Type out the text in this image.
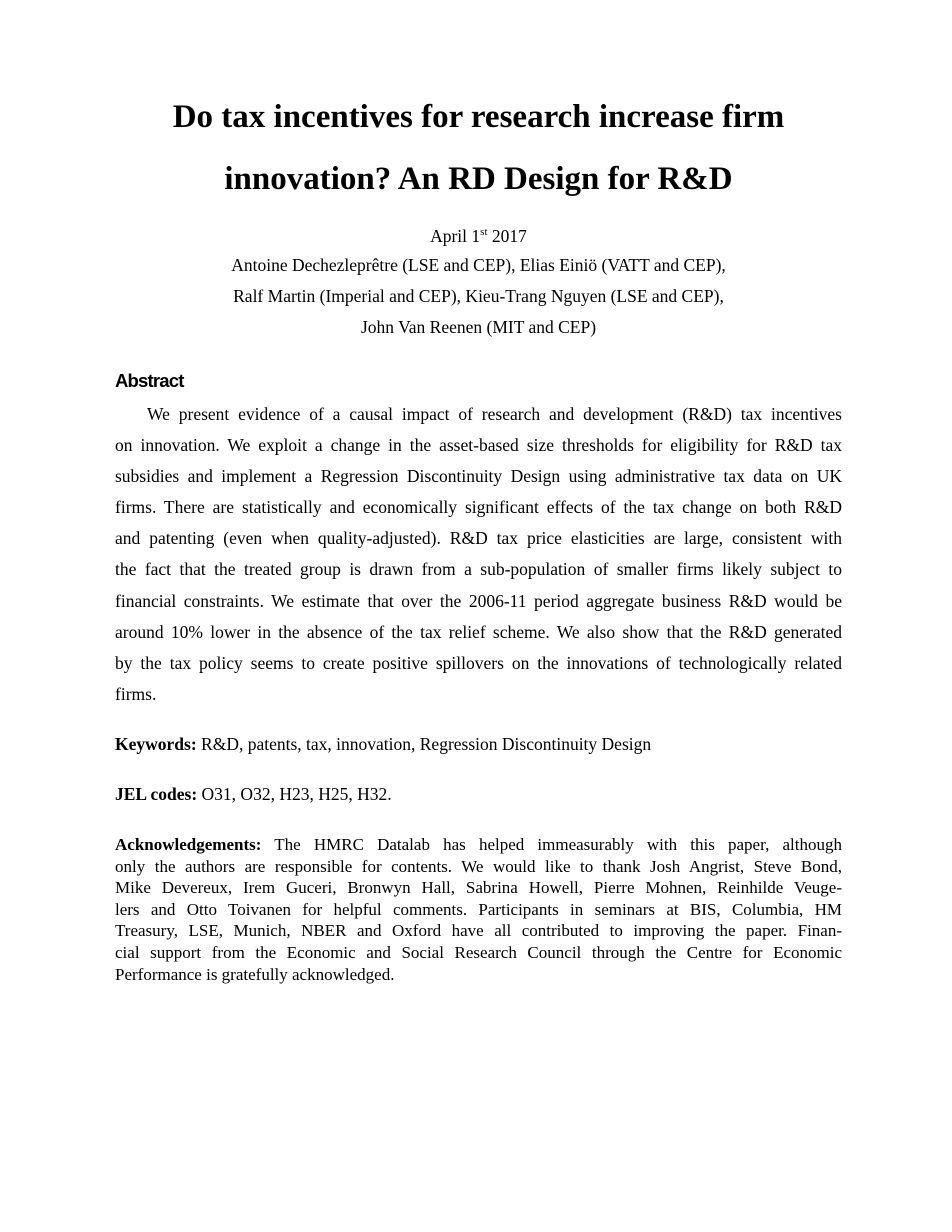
Do tax incentives for research increase firm
innovation? An RD Design for R&D
April 1st 2017
Antoine Dechezleprêtre (LSE and CEP), Elias Einiö (VATT and CEP),
Ralf Martin (Imperial and CEP), Kieu-Trang Nguyen (LSE and CEP),
John Van Reenen (MIT and CEP)
Abstract
We present evidence of a causal impact of research and development (R&D) tax incentives
on innovation. We exploit a change in the asset-based size thresholds for eligibility for R&D tax
subsidies and implement a Regression Discontinuity Design using administrative tax data on UK
firms. There are statistically and economically significant effects of the tax change on both R&D
and patenting (even when quality-adjusted). R&D tax price elasticities are large, consistent with
the fact that the treated group is drawn from a sub-population of smaller firms likely subject to
financial constraints. We estimate that over the 2006-11 period aggregate business R&D would be
around 10% lower in the absence of the tax relief scheme. We also show that the R&D generated
by the tax policy seems to create positive spillovers on the innovations of technologically related
firms.
Keywords: R&D, patents, tax, innovation, Regression Discontinuity Design
JEL codes: O31, O32, H23, H25, H32.
Acknowledgements: The HMRC Datalab has helped immeasurably with this paper, although
only the authors are responsible for contents. We would like to thank Josh Angrist, Steve Bond,
Mike Devereux, Irem Guceri, Bronwyn Hall, Sabrina Howell, Pierre Mohnen, Reinhilde Veuge-
lers and Otto Toivanen for helpful comments. Participants in seminars at BIS, Columbia, HM
Treasury, LSE, Munich, NBER and Oxford have all contributed to improving the paper. Finan-
cial support from the Economic and Social Research Council through the Centre for Economic
Performance is gratefully acknowledged.
